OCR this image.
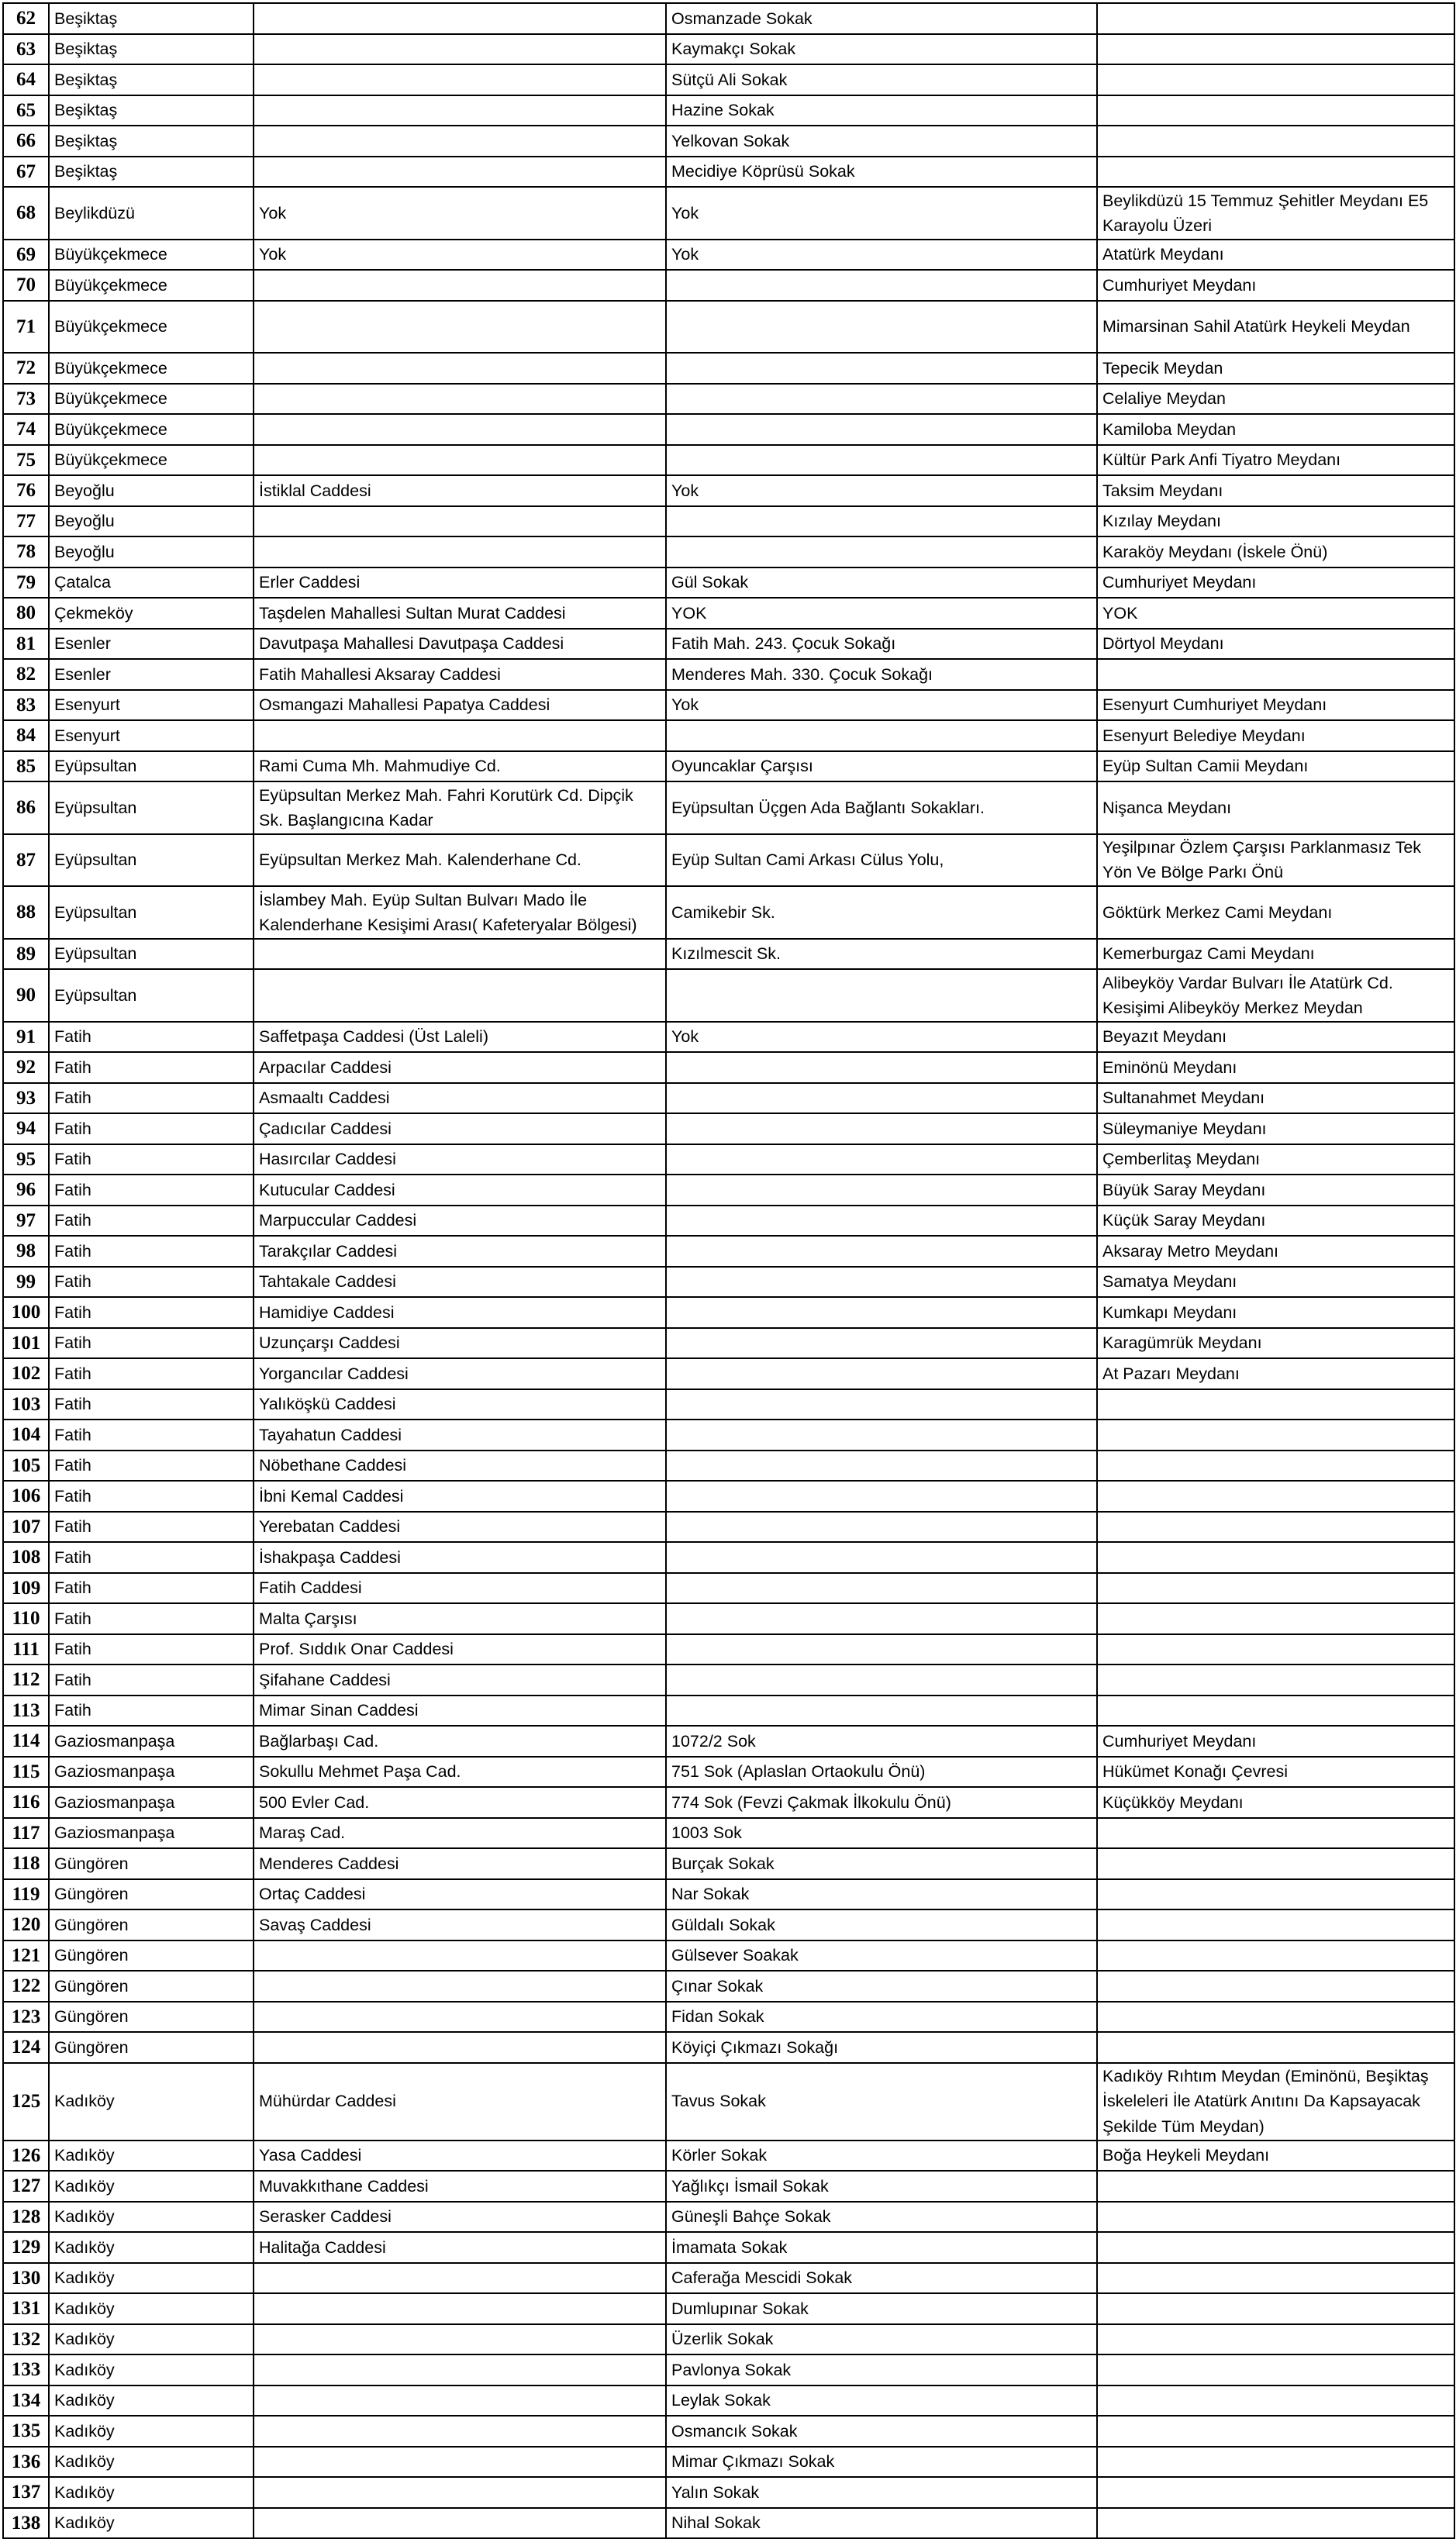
62	Beşiktaş		Osmanzade Sokak	
63	Beşiktaş		Kaymakçı Sokak	
64	Beşiktaş		Sütçü Ali Sokak	
65	Beşiktaş		Hazine Sokak	
66	Beşiktaş		Yelkovan Sokak	
67	Beşiktaş		Mecidiye Köprüsü Sokak	
68	Beylikdüzü	Yok	Yok	Beylikdüzü 15 Temmuz Şehitler Meydanı E5 Karayolu Üzeri
69	Büyükçekmece	Yok	Yok	Atatürk Meydanı
70	Büyükçekmece			Cumhuriyet Meydanı
71	Büyükçekmece			Mimarsinan Sahil Atatürk Heykeli Meydan
72	Büyükçekmece			Tepecik Meydan
73	Büyükçekmece			Celaliye Meydan
74	Büyükçekmece			Kamiloba Meydan
75	Büyükçekmece			Kültür Park Anfi Tiyatro Meydanı
76	Beyoğlu	İstiklal Caddesi	Yok	Taksim Meydanı
77	Beyoğlu			Kızılay Meydanı
78	Beyoğlu			Karaköy Meydanı (İskele Önü)
79	Çatalca	Erler Caddesi	Gül Sokak	Cumhuriyet Meydanı
80	Çekmeköy	Taşdelen Mahallesi Sultan Murat Caddesi	YOK	YOK
81	Esenler	Davutpaşa Mahallesi Davutpaşa Caddesi	Fatih Mah. 243. Çocuk Sokağı	Dörtyol Meydanı
82	Esenler	Fatih Mahallesi Aksaray Caddesi	Menderes Mah. 330. Çocuk Sokağı	
83	Esenyurt	Osmangazi Mahallesi Papatya Caddesi	Yok	Esenyurt Cumhuriyet Meydanı
84	Esenyurt			Esenyurt Belediye Meydanı
85	Eyüpsultan	Rami Cuma Mh. Mahmudiye Cd.	Oyuncaklar Çarşısı	Eyüp Sultan Camii Meydanı
86	Eyüpsultan	Eyüpsultan Merkez Mah. Fahri Korutürk Cd. Dipçik Sk. Başlangıcına Kadar	Eyüpsultan Üçgen Ada Bağlantı Sokakları.	Nişanca Meydanı
87	Eyüpsultan	Eyüpsultan Merkez Mah. Kalenderhane Cd.	Eyüp Sultan Cami Arkası Cülus Yolu,	Yeşilpınar Özlem Çarşısı Parklanmasız Tek Yön Ve Bölge Parkı Önü
88	Eyüpsultan	İslambey Mah. Eyüp Sultan Bulvarı Mado İle Kalenderhane Kesişimi Arası( Kafeteryalar Bölgesi)	Camikebir Sk.	Göktürk Merkez Cami Meydanı
89	Eyüpsultan		Kızılmescit Sk.	Kemerburgaz Cami Meydanı
90	Eyüpsultan			Alibeyköy Vardar Bulvarı İle Atatürk Cd. Kesişimi Alibeyköy Merkez Meydan
91	Fatih	Saffetpaşa Caddesi (Üst Laleli)	Yok	Beyazıt Meydanı
92	Fatih	Arpacılar Caddesi		Eminönü Meydanı
93	Fatih	Asmaaltı Caddesi		Sultanahmet Meydanı
94	Fatih	Çadıcılar Caddesi		Süleymaniye Meydanı
95	Fatih	Hasırcılar Caddesi		Çemberlitaş Meydanı
96	Fatih	Kutucular Caddesi		Büyük Saray Meydanı
97	Fatih	Marpuccular Caddesi		Küçük Saray Meydanı
98	Fatih	Tarakçılar Caddesi		Aksaray Metro Meydanı
99	Fatih	Tahtakale Caddesi		Samatya Meydanı
100	Fatih	Hamidiye Caddesi		Kumkapı Meydanı
101	Fatih	Uzunçarşı Caddesi		Karagümrük Meydanı
102	Fatih	Yorgancılar Caddesi		At Pazarı Meydanı
103	Fatih	Yalıköşkü Caddesi		
104	Fatih	Tayahatun Caddesi		
105	Fatih	Nöbethane Caddesi		
106	Fatih	İbni Kemal Caddesi		
107	Fatih	Yerebatan Caddesi		
108	Fatih	İshakpaşa Caddesi		
109	Fatih	Fatih Caddesi		
110	Fatih	Malta Çarşısı		
111	Fatih	Prof. Sıddık Onar Caddesi		
112	Fatih	Şifahane Caddesi		
113	Fatih	Mimar Sinan Caddesi		
114	Gaziosmanpaşa	Bağlarbaşı Cad.	1072/2 Sok	Cumhuriyet Meydanı
115	Gaziosmanpaşa	Sokullu Mehmet Paşa Cad.	751 Sok (Aplaslan Ortaokulu Önü)	Hükümet Konağı Çevresi
116	Gaziosmanpaşa	500 Evler Cad.	774 Sok (Fevzi Çakmak İlkokulu Önü)	Küçükköy Meydanı
117	Gaziosmanpaşa	Maraş Cad.	1003 Sok	
118	Güngören	Menderes Caddesi	Burçak Sokak	
119	Güngören	Ortaç Caddesi	Nar Sokak	
120	Güngören	Savaş Caddesi	Güldalı Sokak	
121	Güngören		Gülsever Soakak	
122	Güngören		Çınar Sokak	
123	Güngören		Fidan Sokak	
124	Güngören		Köyiçi Çıkmazı Sokağı	
125	Kadıköy	Mühürdar Caddesi	Tavus Sokak	Kadıköy Rıhtım Meydan (Eminönü, Beşiktaş İskeleleri İle Atatürk Anıtını Da Kapsayacak Şekilde Tüm Meydan)
126	Kadıköy	Yasa Caddesi	Körler Sokak	Boğa Heykeli Meydanı
127	Kadıköy	Muvakkıthane Caddesi	Yağlıkçı İsmail Sokak	
128	Kadıköy	Serasker Caddesi	Güneşli Bahçe Sokak	
129	Kadıköy	Halitağa Caddesi	İmamata Sokak	
130	Kadıköy		Caferağa Mescidi Sokak	
131	Kadıköy		Dumlupınar Sokak	
132	Kadıköy		Üzerlik Sokak	
133	Kadıköy		Pavlonya Sokak	
134	Kadıköy		Leylak Sokak	
135	Kadıköy		Osmancık Sokak	
136	Kadıköy		Mimar Çıkmazı Sokak	
137	Kadıköy		Yalın Sokak	
138	Kadıköy		Nihal Sokak	
